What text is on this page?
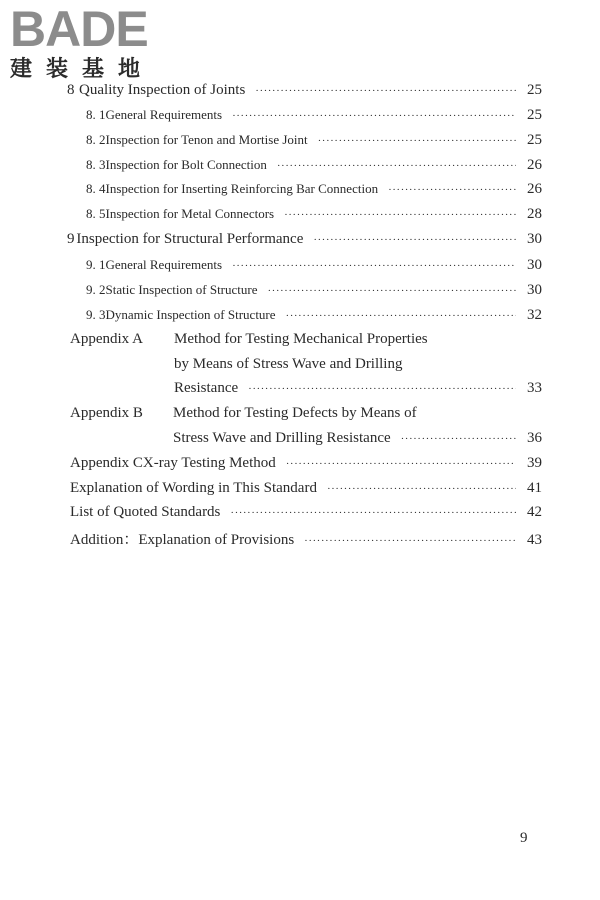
BADE
建装基地
8 Quality Inspection of Joints ·····	25
8. 1 General Requirements ·····	25
8. 2 Inspection for Tenon and Mortise Joint ·····	25
8. 3 Inspection for Bolt Connection ·····	26
8. 4 Inspection for Inserting Reinforcing Bar Connection ·····	26
8. 5 Inspection for Metal Connectors ·····	28
9 Inspection for Structural Performance ·····	30
9. 1 General Requirements ·····	30
9. 2 Static Inspection of Structure ·····	30
9. 3 Dynamic Inspection of Structure ·····	32
Appendix A	Method for Testing Mechanical Properties
by Means of Stress Wave and Drilling
Resistance ·····	33
Appendix B	Method for Testing Defects by Means of
Stress Wave and Drilling Resistance ·····	36
Appendix C X-ray Testing Method ·····	39
Explanation of Wording in This Standard ·····	41
List of Quoted Standards ·····	42
Addition：Explanation of Provisions ·····	43
9
